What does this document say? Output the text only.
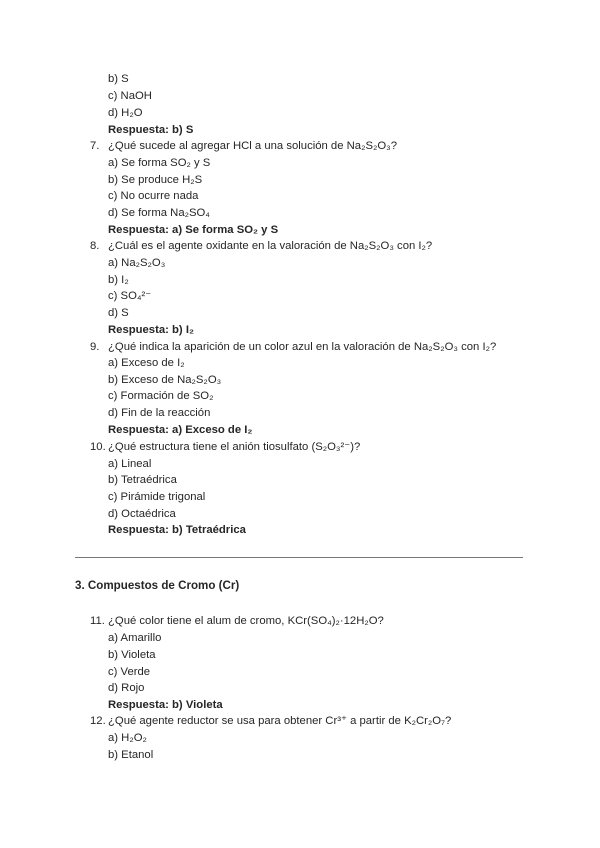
b) S
c) NaOH
d) H₂O
Respuesta: b) S
7. ¿Qué sucede al agregar HCl a una solución de Na₂S₂O₃?
a) Se forma SO₂ y S
b) Se produce H₂S
c) No ocurre nada
d) Se forma Na₂SO₄
Respuesta: a) Se forma SO₂ y S
8. ¿Cuál es el agente oxidante en la valoración de Na₂S₂O₃ con I₂?
a) Na₂S₂O₃
b) I₂
c) SO₄²⁻
d) S
Respuesta: b) I₂
9. ¿Qué indica la aparición de un color azul en la valoración de Na₂S₂O₃ con I₂?
a) Exceso de I₂
b) Exceso de Na₂S₂O₃
c) Formación de SO₂
d) Fin de la reacción
Respuesta: a) Exceso de I₂
10. ¿Qué estructura tiene el anión tiosulfato (S₂O₃²⁻)?
a) Lineal
b) Tetraédrica
c) Pirámide trigonal
d) Octaédrica
Respuesta: b) Tetraédrica
3. Compuestos de Cromo (Cr)
11. ¿Qué color tiene el alum de cromo, KCr(SO₄)₂·12H₂O?
a) Amarillo
b) Violeta
c) Verde
d) Rojo
Respuesta: b) Violeta
12. ¿Qué agente reductor se usa para obtener Cr³⁺ a partir de K₂Cr₂O₇?
a) H₂O₂
b) Etanol
